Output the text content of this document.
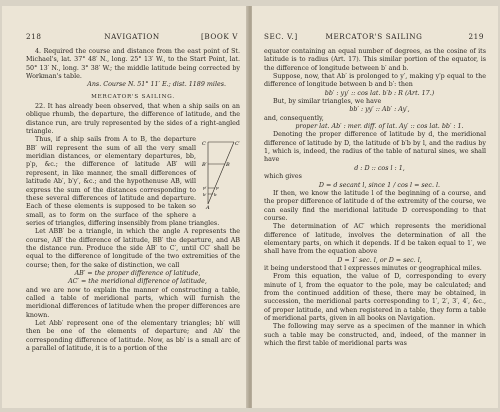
218	NAVIGATION	[BOOK V

4. Required the course and distance from the east point of St. Michael's, lat. 37° 48′ N., long. 25° 13′ W., to the Start Point, lat. 50° 13′ N., long. 3° 38′ W.; the middle latitude being corrected by Workman's table.

Ans. Course N. 51° 11′ E.; dist. 1189 miles.

MERCATOR'S SAILING.

22. It has already been observed, that when a ship sails on an oblique rhumb, the departure, the difference of latitude, and the distance run, are truly represented by the sides of a right-angled triangle.

C	C′
B′	B
p
p′
b
b′
A

Thus, if a ship sails from A to B, the departure BB′ will represent the sum of all the very small meridian distances, or elementary departures, bb, p′p, &c.; the difference of latitude AB′ will represent, in like manner, the small differences of latitude Ab′, b′y′, &c.; and the hypothenuse AB, will express the sum of the distances corresponding to these several differences of latitude and departure. Each of these elements is supposed to be taken so small, as to form on the surface of the sphere a series of triangles, differing insensibly from plane triangles.

Let ABB′ be a triangle, in which the angle A represents the course, AB′ the difference of latitude, BB′ the departure, and AB the distance run. Produce the side AB′ to C′, until CC′ shall be equal to the difference of longitude of the two extremities of the course; then, for the sake of distinction, we call

AB′ = the proper difference of latitude,

AC′ = the meridional difference of latitude,

and we are now to explain the manner of constructing a table, called a table of meridional parts, which will furnish the meridional differences of latitude when the proper differences are known.

Let Abb′ represent one of the elementary triangles; bb′ will then be one of the elements of departure; and Ab′ the corresponding difference of latitude. Now, as bb′ is a small arc of a parallel of latitude, it is to a portion of the

SEC. V.]	MERCATOR'S SAILING	219

equator containing an equal number of degrees, as the cosine of its latitude is to radius (Art. 17). This similar portion of the equator, is the difference of longitude between b′ and b.

Suppose, now, that Ab′ is prolonged to y′, making y′p equal to the difference of longitude between b and b′: then

bb′ : yy′ :: cos lat. b′b : R (Art. 17.)

But, by similar triangles, we have

bb′ : yy′ :: Ab′ : Ay′,

and, consequently,

proper lat. Ab′ : mer. diff. of lat. Ay′ :: cos lat. bb′ : 1.

Denoting the proper difference of latitude by d, the meridional difference of latitude by D, the latitude of b′b by l, and the radius by 1, which is, indeed, the radius of the table of natural sines, we shall have

d : D :: cos l : 1,

which gives

D = d secant l, since 1 / cos l = sec. l.

If then, we know the latitude l of the beginning of a course, and the proper difference of latitude d of the extremity of the course, we can easily find the meridional latitude D corresponding to that course.

The determination of AC′ which represents the meridional difference of latitude, involves the determination of all the elementary parts, on which it depends. If d be taken equal to 1′, we shall have from the equation above

D = 1′ sec. l, or D = sec. l,

it being understood that l expresses minutes or geographical miles.

From this equation, the value of D, corresponding to every minute of l, from the equator to the pole, may be calculated; and from the continued addition of these, there may be obtained, in succession, the meridional parts corresponding to 1′, 2′, 3′, 4′, &c., of proper latitude, and when registered in a table, they form a table of meridional parts, given in all books on Navigation.

The following may serve as a specimen of the manner in which such a table may be constructed, and, indeed, of the manner in which the first table of meridional parts was
